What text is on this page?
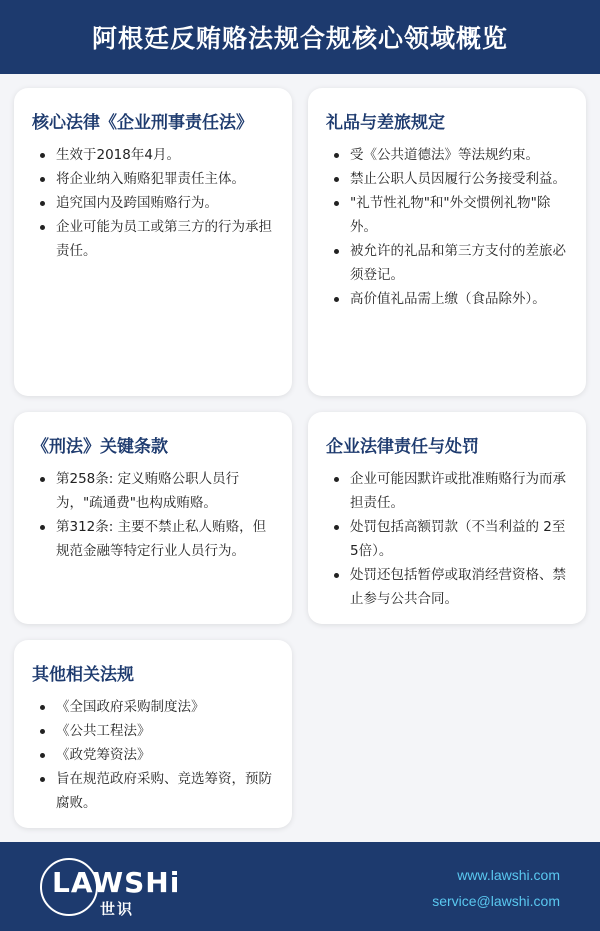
阿根廷反贿赂法规合规核心领域概览
核心法律《企业刑事责任法》
生效于2018年4月。
将企业纳入贿赂犯罪责任主体。
追究国内及跨国贿赂行为。
企业可能为员工或第三方的行为承担责任。
礼品与差旅规定
受《公共道德法》等法规约束。
禁止公职人员因履行公务接受利益。
"礼节性礼物"和"外交惯例礼物"除外。
被允许的礼品和第三方支付的差旅必须登记。
高价值礼品需上缴（食品除外）。
《刑法》关键条款
第258条: 定义贿赂公职人员行为，"疏通费"也构成贿赂。
第312条: 主要不禁止私人贿赂，但规范金融等特定行业人员行为。
企业法律责任与处罚
企业可能因默许或批准贿赂行为而承担责任。
处罚包括高额罚款（不当利益的 2至5倍）。
处罚还包括暂停或取消经营资格、禁止参与公共合同。
其他相关法规
《全国政府采购制度法》
《公共工程法》
《政党筹资法》
旨在规范政府采购、竞选筹资，预防腐败。
LAWSHi
世识
www.lawshi.com
service@lawshi.com
